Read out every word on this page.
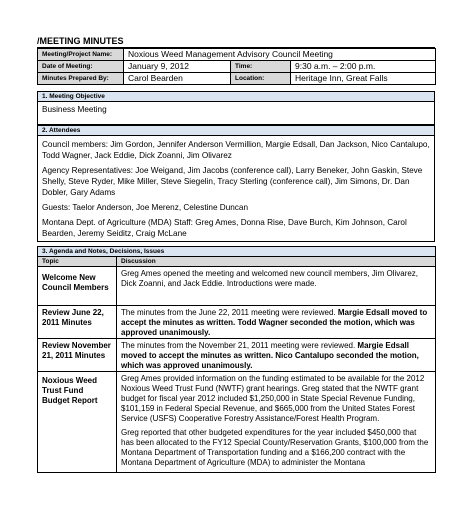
/MEETING MINUTES
Meeting/Project Name:	Noxious Weed Management Advisory Council Meeting		
Date of Meeting:	January 9, 2012	Time:	9:30 a.m. – 2:00 p.m.
Minutes Prepared By:	Carol Bearden	Location:	Heritage Inn, Great Falls
1. Meeting Objective
Business Meeting
2. Attendees

Council members: Jim Gordon, Jennifer Anderson Vermillion, Margie Edsall, Dan Jackson, Nico Cantalupo, Todd Wagner, Jack Eddie, Dick Zoanni, Jim Olivarez

Agency Representatives: Joe Weigand, Jim Jacobs (conference call), Larry Beneker, John Gaskin, Steve Shelly, Steve Ryder, Mike Miller, Steve Siegelin, Tracy Sterling (conference call), Jim Simons, Dr. Dan Dobler, Gary Adams

Guests: Taelor Anderson, Joe Merenz, Celestine Duncan

Montana Dept. of Agriculture (MDA) Staff: Greg Ames, Donna Rise, Dave Burch, Kim Johnson, Carol Bearden, Jeremy Seiditz, Craig McLane

3. Agenda and Notes, Decisions, Issues	
Topic	Discussion
Welcome New Council Members	Greg Ames opened the meeting and welcomed new council members, Jim Olivarez, Dick Zoanni, and Jack Eddie. Introductions were made.
Review June 22, 2011 Minutes	The minutes from the June 22, 2011 meeting were reviewed. Margie Edsall moved to accept the minutes as written. Todd Wagner seconded the motion, which was approved unanimously.
Review November 21, 2011 Minutes	The minutes from the November 21, 2011 meeting were reviewed. Margie Edsall moved to accept the minutes as written. Nico Cantalupo seconded the motion, which was approved unanimously.
Noxious Weed Trust Fund Budget Report	Greg Ames provided information on the funding estimated to be available for the 2012 Noxious Weed Trust Fund (NWTF) grant hearings. Greg stated that the NWTF grant budget for fiscal year 2012 included $1,250,000 in State Special Revenue Funding, $101,159 in Federal Special Revenue, and $665,000 from the United States Forest Service (USFS) Cooperative Forestry Assistance/Forest Health Program.

Greg reported that other budgeted expenditures for the year included $450,000 that has been allocated to the FY12 Special County/Reservation Grants, $100,000 from the Montana Department of Transportation funding and a $166,200 contract with the Montana Department of Agriculture (MDA) to administer the Montana
